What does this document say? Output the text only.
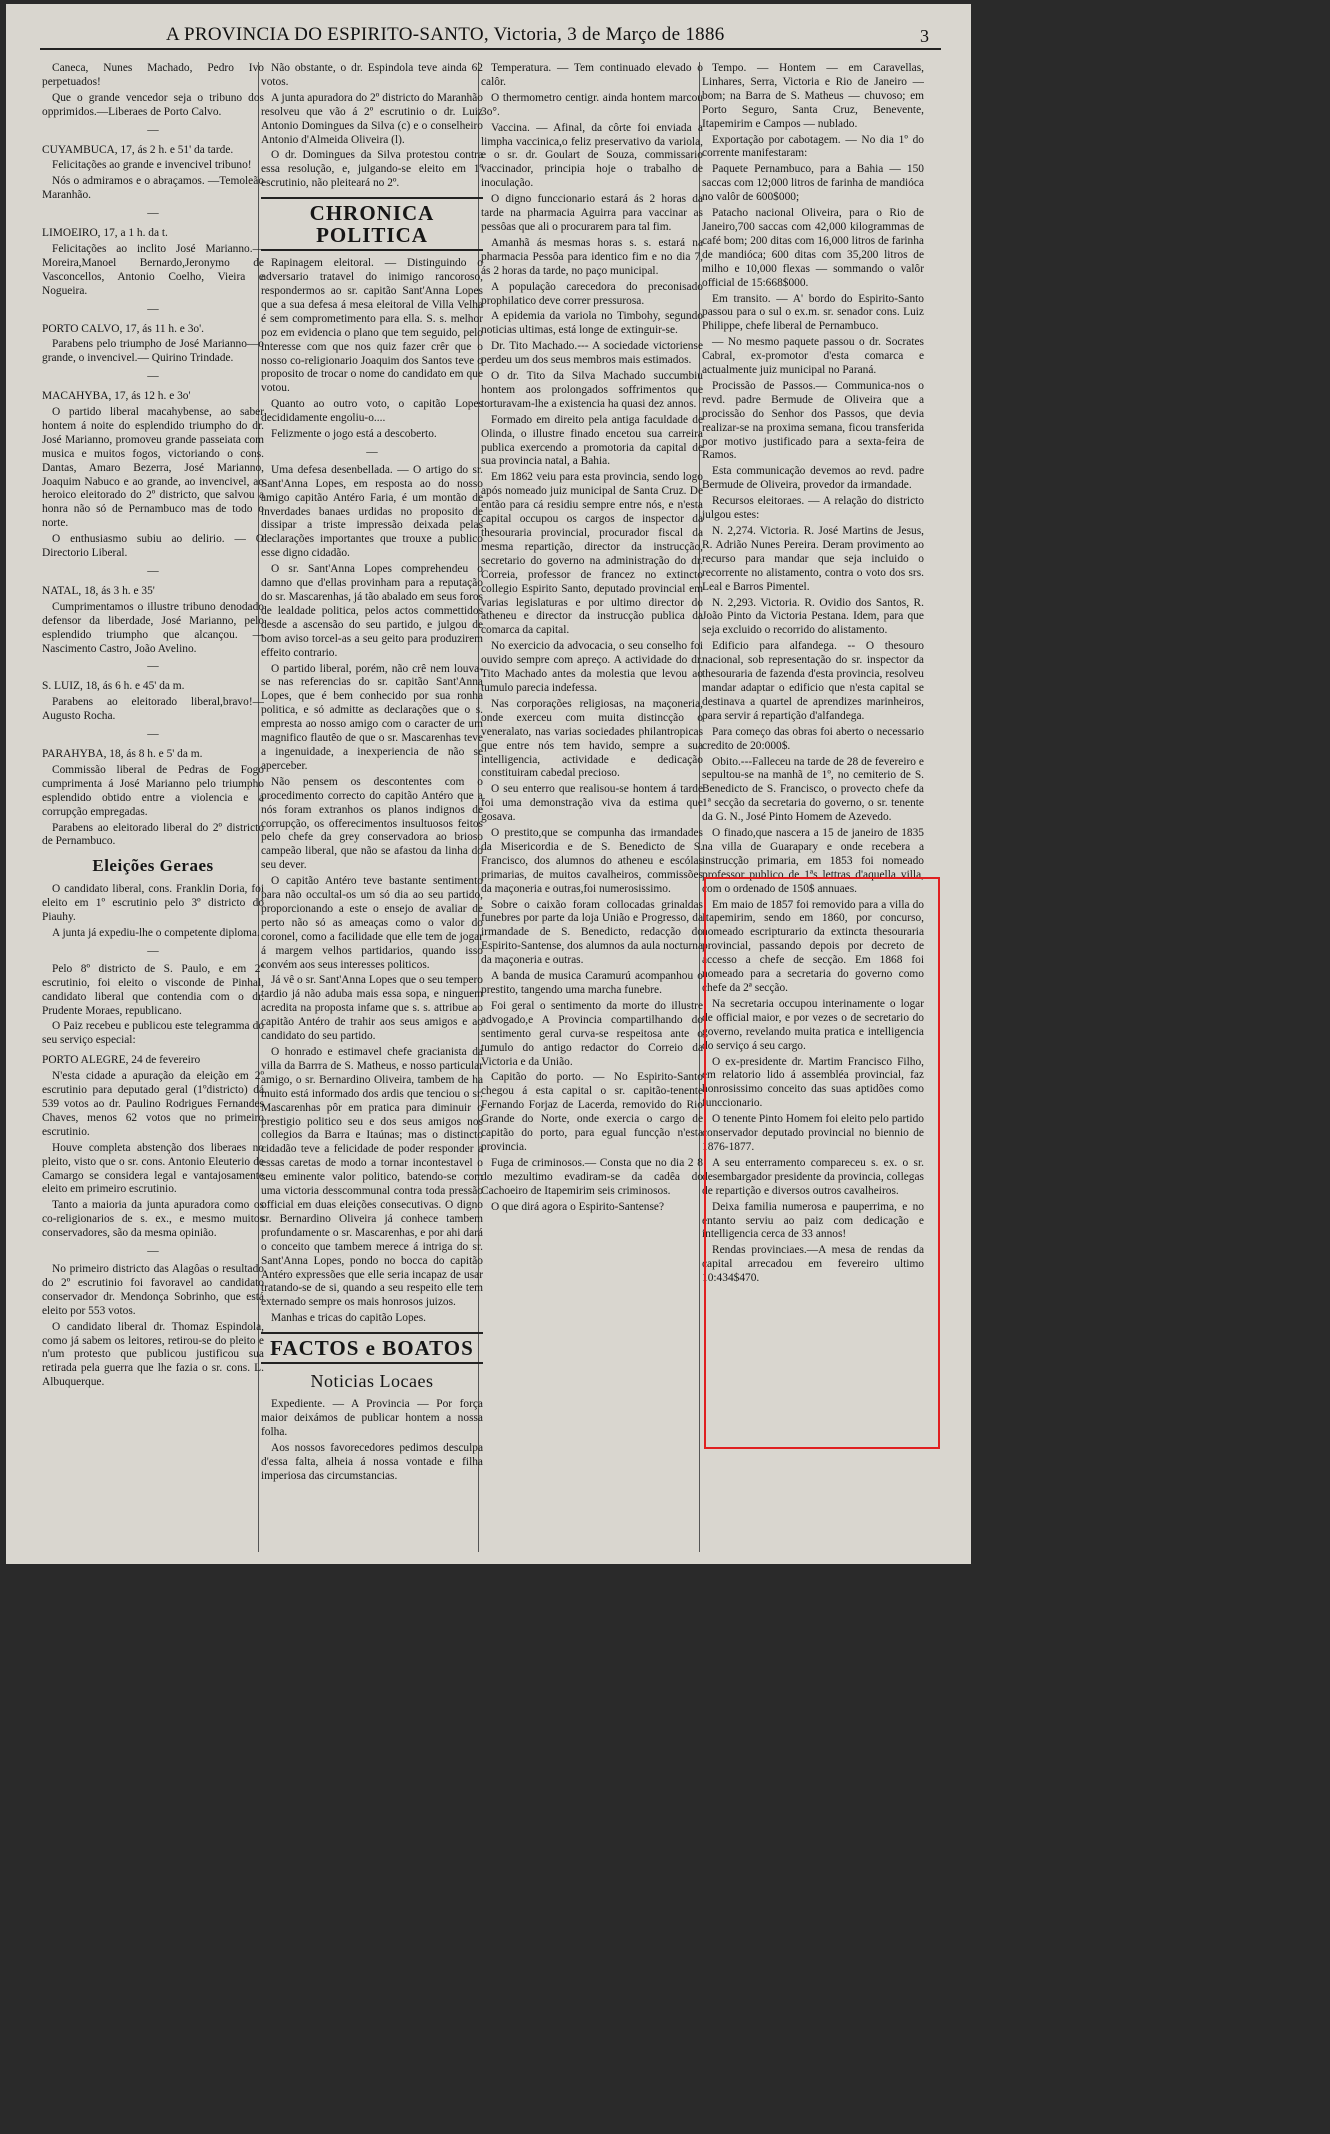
A PROVINCIA DO ESPIRITO-SANTO, Victoria, 3 de Março de 1886	3

Caneca, Nunes Machado, Pedro Ivo perpetuados!

Que o grande vencedor seja o tribuno dos opprimidos.—Liberaes de Porto Calvo.

—

CUYAMBUCA, 17, ás 2 h. e 51' da tarde.

Felicitações ao grande e invencivel tribuno!

Nós o admiramos e o abraçamos. —Temoleão Maranhão.

—

LIMOEIRO, 17, a 1 h. da t.

Felicitações ao inclito José Marianno.—Moreira,Manoel Bernardo,Jeronymo de Vasconcellos, Antonio Coelho, Vieira e Nogueira.

—

PORTO CALVO, 17, ás 11 h. e 3o'.

Parabens pelo triumpho de José Marianno—o grande, o invencivel.— Quirino Trindade.

—

MACAHYBA, 17, ás 12 h. e 3o'

O partido liberal macahybense, ao saber hontem á noite do esplendido triumpho do dr. José Marianno, promoveu grande passeiata com musica e muitos fogos, victoriando o cons. Dantas, Amaro Bezerra, José Marianno, Joaquim Nabuco e ao grande, ao invencivel, ao heroico eleitorado do 2º districto, que salvou a honra não só de Pernambuco mas de todo o norte.

O enthusiasmo subiu ao delirio. — O Directorio Liberal.

—

NATAL, 18, ás 3 h. e 35'

Cumprimentamos o illustre tribuno denodado defensor da liberdade, José Marianno, pelo esplendido triumpho que alcançou. — Nascimento Castro, João Avelino.

—

S. LUIZ, 18, ás 6 h. e 45' da m.

Parabens ao eleitorado liberal,bravo!—Augusto Rocha.

—

PARAHYBA, 18, ás 8 h. e 5' da m.

Commissão liberal de Pedras de Fogo cumprimenta á José Marianno pelo triumpho esplendido obtido entre a violencia e a corrupção empregadas.

Parabens ao eleitorado liberal do 2º districto de Pernambuco.

Eleições Geraes

O candidato liberal, cons. Franklin Doria, foi eleito em 1º escrutinio pelo 3º districto do Piauhy.

A junta já expediu-lhe o competente diploma.

—

Pelo 8º districto de S. Paulo, e em 2º escrutinio, foi eleito o visconde de Pinhal, candidato liberal que contendia com o dr. Prudente Moraes, republicano.

O Paiz recebeu e publicou este telegramma do seu serviço especial:

PORTO ALEGRE, 24 de fevereiro

N'esta cidade a apuração da eleição em 2º escrutinio para deputado geral (1ºdistricto) dá 539 votos ao dr. Paulino Rodrigues Fernandes Chaves, menos 62 votos que no primeiro escrutinio.

Houve completa abstenção dos liberaes no pleito, visto que o sr. cons. Antonio Eleuterio de Camargo se considera legal e vantajosamente eleito em primeiro escrutinio.

Tanto a maioria da junta apuradora como os co-religionarios de s. ex., e mesmo muitos conservadores, são da mesma opinião.

—

No primeiro districto das Alagôas o resultado do 2º escrutinio foi favoravel ao candidato conservador dr. Mendonça Sobrinho, que está eleito por 553 votos.

O candidato liberal dr. Thomaz Espindola, como já sabem os leitores, retirou-se do pleito e n'um protesto que publicou justificou sua retirada pela guerra que lhe fazia o sr. cons. L. Albuquerque.

Não obstante, o dr. Espindola teve ainda 62 votos.

A junta apuradora do 2º districto do Maranhão resolveu que vão á 2º escrutinio o dr. Luiz Antonio Domingues da Silva (c) e o conselheiro Antonio d'Almeida Oliveira (l).

O dr. Domingues da Silva protestou contra essa resolução, e, julgando-se eleito em 1º escrutinio, não pleiteará no 2º.

CHRONICA POLITICA

Rapinagem eleitoral. — Distinguindo o adversario tratavel do inimigo rancoroso, respondermos ao sr. capitão Sant'Anna Lopes que a sua defesa á mesa eleitoral de Villa Velha é sem comprometimento para ella. S. s. melhor poz em evidencia o plano que tem seguido, pelo interesse com que nos quiz fazer crêr que o nosso co-religionario Joaquim dos Santos teve o proposito de trocar o nome do candidato em que votou.

Quanto ao outro voto, o capitão Lopes decididamente engoliu-o....

Felizmente o jogo está a descoberto.

—

Uma defesa desenbellada. — O artigo do sr. Sant'Anna Lopes, em resposta ao do nosso amigo capitão Antéro Faria, é um montão de inverdades banaes urdidas no proposito de dissipar a triste impressão deixada pelas declarações importantes que trouxe a publico esse digno cidadão.

O sr. Sant'Anna Lopes comprehendeu o damno que d'ellas provinham para a reputação do sr. Mascarenhas, já tão abalado em seus foros de lealdade politica, pelos actos commettidos desde a ascensão do seu partido, e julgou de bom aviso torcel-as a seu geito para produzirem effeito contrario.

O partido liberal, porém, não crê nem louva-se nas referencias do sr. capitão Sant'Anna Lopes, que é bem conhecido por sua ronha politica, e só admitte as declarações que o s. empresta ao nosso amigo com o caracter de um magnifico flautêo de que o sr. Mascarenhas teve a ingenuidade, a inexperiencia de não se aperceber.

Não pensem os descontentes com o procedimento correcto do capitão Antéro que a nós foram extranhos os planos indignos de corrupção, os offerecimentos insultuosos feitos pelo chefe da grey conservadora ao brioso campeão liberal, que não se afastou da linha do seu dever.

O capitão Antéro teve bastante sentimento para não occultal-os um só dia ao seu partido, proporcionando a este o ensejo de avaliar de perto não só as ameaças como o valor do coronel, como a facilidade que elle tem de jogar á margem velhos partidarios, quando isso convém aos seus interesses politicos.

Já vê o sr. Sant'Anna Lopes que o seu tempero tardio já não aduba mais essa sopa, e ninguem acredita na proposta infame que s. s. attribue ao capitão Antéro de trahir aos seus amigos e ao candidato do seu partido.

O honrado e estimavel chefe gracianista da villa da Barrra de S. Matheus, e nosso particular amigo, o sr. Bernardino Oliveira, tambem de ha muito está informado dos ardis que tenciou o sr. Mascarenhas pôr em pratica para diminuir o prestigio politico seu e dos seus amigos nos collegios da Barra e Itaúnas; mas o distincto cidadão teve a felicidade de poder responder a essas caretas de modo a tornar incontestavel o seu eminente valor politico, batendo-se com uma victoria desscommunal contra toda pressão official em duas eleições consecutivas. O digno sr. Bernardino Oliveira já conhece tambem profundamente o sr. Mascarenhas, e por ahi dará o conceito que tambem merece á intriga do sr. Sant'Anna Lopes, pondo no bocca do capitão Antéro expressões que elle seria incapaz de usar tratando-se de si, quando a seu respeito elle tem externado sempre os mais honrosos juizos.

Manhas e tricas do capitão Lopes.

FACTOS e BOATOS
Noticias Locaes

Expediente. — A Provincia — Por força maior deixámos de publicar hontem a nossa folha.

Aos nossos favorecedores pedimos desculpa d'essa falta, alheia á nossa vontade e filha imperiosa das circumstancias.

Temperatura. — Tem continuado elevado o calôr.

O thermometro centigr. ainda hontem marcou 3o°.

Vaccina. — Afinal, da côrte foi enviada a limpha vaccinica,o feliz preservativo da variola, e o sr. dr. Goulart de Souza, commissario vaccinador, principia hoje o trabalho de inoculação.

O digno funccionario estará ás 2 horas da tarde na pharmacia Aguirra para vaccinar as pessôas que ali o procurarem para tal fim.

Amanhã ás mesmas horas s. s. estará na pharmacia Pessôa para identico fim e no dia 7, ás 2 horas da tarde, no paço municipal.

A população carecedora do preconisado prophilatico deve correr pressurosa.

A epidemia da variola no Timbohy, segundo noticias ultimas, está longe de extinguir-se.

Dr. Tito Machado.--- A sociedade victoriense perdeu um dos seus membros mais estimados.

O dr. Tito da Silva Machado succumbiu hontem aos prolongados soffrimentos que torturavam-lhe a existencia ha quasi dez annos.

Formado em direito pela antiga faculdade de Olinda, o illustre finado encetou sua carreira publica exercendo a promotoria da capital de sua provincia natal, a Bahia.

Em 1862 veiu para esta provincia, sendo logo após nomeado juiz municipal de Santa Cruz. De então para cá residiu sempre entre nós, e n'esta capital occupou os cargos de inspector da thesouraria provincial, procurador fiscal da mesma repartição, director da instrucção, secretario do governo na administração do dr. Correia, professor de francez no extincto collegio Espirito Santo, deputado provincial em varias legislaturas e por ultimo director do atheneu e director da instrucção publica da comarca da capital.

No exercicio da advocacia, o seu conselho foi ouvido sempre com apreço. A actividade do dr. Tito Machado antes da molestia que levou ao tumulo parecia indefessa.

Nas corporações religiosas, na maçoneria, onde exerceu com muita distincção o veneralato, nas varias sociedades philantropicas que entre nós tem havido, sempre a sua intelligencia, actividade e dedicação constituiram cabedal precioso.

O seu enterro que realisou-se hontem á tarde foi uma demonstração viva da estima que gosava.

O prestito,que se compunha das irmandades da Misericordia e de S. Benedicto de S. Francisco, dos alumnos do atheneu e escólas primarias, de muitos cavalheiros, commissões da maçoneria e outras,foi numerosissimo.

Sobre o caixão foram collocadas grinaldas funebres por parte da loja União e Progresso, da irmandade de S. Benedicto, redacção do Espirito-Santense, dos alumnos da aula nocturna da maçoneria e outras.

A banda de musica Caramurú acompanhou o prestito, tangendo uma marcha funebre.

Foi geral o sentimento da morte do illustre advogado,e A Provincia compartilhando do sentimento geral curva-se respeitosa ante o tumulo do antigo redactor do Correio da Victoria e da União.

Capitão do porto. — No Espirito-Santo chegou á esta capital o sr. capitão-tenente Fernando Forjaz de Lacerda, removido do Rio Grande do Norte, onde exercia o cargo de capitão do porto, para egual funcção n'esta provincia.

Fuga de criminosos.— Consta que no dia 2 8 do mezultimo evadiram-se da cadêa do Cachoeiro de Itapemirim seis criminosos.

O que dirá agora o Espirito-Santense?

Tempo. — Hontem — em Caravellas, Linhares, Serra, Victoria e Rio de Janeiro — bom; na Barra de S. Matheus — chuvoso; em Porto Seguro, Santa Cruz, Benevente, Itapemirim e Campos — nublado.

Exportação por cabotagem. — No dia 1º do corrente manifestaram:

Paquete Pernambuco, para a Bahia — 150 saccas com 12;000 litros de farinha de mandióca no valôr de 600$000;

Patacho nacional Oliveira, para o Rio de Janeiro,700 saccas com 42,000 kilogrammas de café bom; 200 ditas com 16,000 litros de farinha de mandióca; 600 ditas com 35,200 litros de milho e 10,000 flexas — sommando o valôr official de 15:668$000.

Em transito. — A' bordo do Espirito-Santo passou para o sul o ex.m. sr. senador cons. Luiz Philippe, chefe liberal de Pernambuco.

— No mesmo paquete passou o dr. Socrates Cabral, ex-promotor d'esta comarca e actualmente juiz municipal no Paraná.

Procissão de Passos.— Communica-nos o revd. padre Bermude de Oliveira que a procissão do Senhor dos Passos, que devia realizar-se na proxima semana, ficou transferida por motivo justificado para a sexta-feira de Ramos.

Esta communicação devemos ao revd. padre Bermude de Oliveira, provedor da irmandade.

Recursos eleitoraes. — A relação do districto julgou estes:

N. 2,274. Victoria. R. José Martins de Jesus, R. Adrião Nunes Pereira. Deram provimento ao recurso para mandar que seja incluido o recorrente no alistamento, contra o voto dos srs. Leal e Barros Pimentel.

N. 2,293. Victoria. R. Ovidio dos Santos, R. João Pinto da Victoria Pestana. Idem, para que seja excluido o recorrido do alistamento.

Edificio para alfandega. -- O thesouro nacional, sob representação do sr. inspector da thesouraria de fazenda d'esta provincia, resolveu mandar adaptar o edificio que n'esta capital se destinava a quartel de aprendizes marinheiros, para servir á repartição d'alfandega.

Para começo das obras foi aberto o necessario credito de 20:000$.

Obito.---Falleceu na tarde de 28 de fevereiro e sepultou-se na manhã de 1º, no cemiterio de S. Benedicto de S. Francisco, o provecto chefe da 1ª secção da secretaria do governo, o sr. tenente da G. N., José Pinto Homem de Azevedo.

O finado,que nascera a 15 de janeiro de 1835 na villa de Guarapary e onde recebera a instrucção primaria, em 1853 foi nomeado professor publico de 1ªs lettras d'aquella villa, com o ordenado de 150$ annuaes.

Em maio de 1857 foi removido para a villa do Itapemirim, sendo em 1860, por concurso, nomeado escripturario da extincta thesouraria provincial, passando depois por decreto de accesso a chefe de secção. Em 1868 foi nomeado para a secretaria do governo como chefe da 2ª secção.

Na secretaria occupou interinamente o logar de official maior, e por vezes o de secretario do governo, revelando muita pratica e intelligencia do serviço á seu cargo.

O ex-presidente dr. Martim Francisco Filho, em relatorio lido á assembléa provincial, faz honrosissimo conceito das suas aptidões como funccionario.

O tenente Pinto Homem foi eleito pelo partido conservador deputado provincial no biennio de 1876-1877.

A seu enterramento compareceu s. ex. o sr. desembargador presidente da provincia, collegas de repartição e diversos outros cavalheiros.

Deixa familia numerosa e pauperrima, e no entanto serviu ao paiz com dedicação e intelligencia cerca de 33 annos!

Rendas provinciaes.—A mesa de rendas da capital arrecadou em fevereiro ultimo 10:434$470.
